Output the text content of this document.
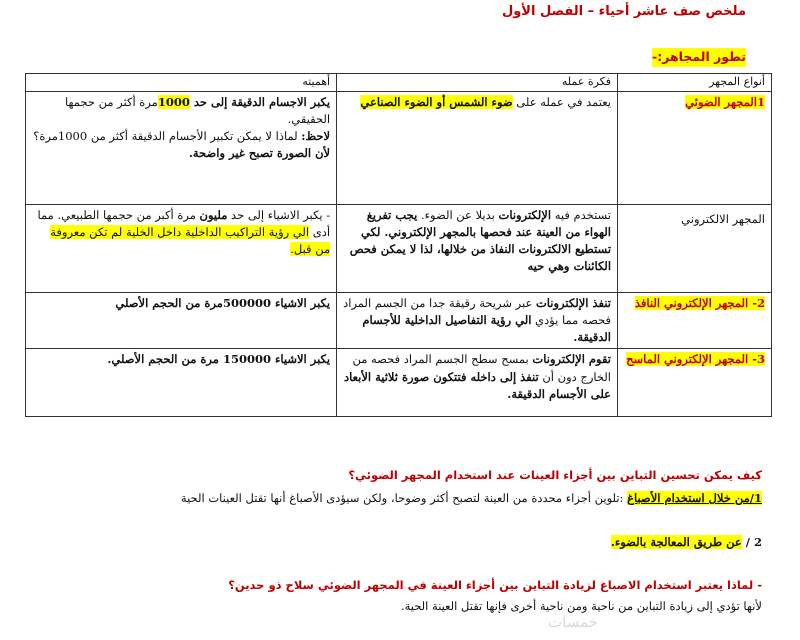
ملخص صف عاشر أحياء – الفصل الأول
تطور المجاهر:-
أنواع المجهر	فكرة عمله	أهميته
1المجهر الضوئي	يعتمد في عمله على ضوء الشمس أو الضوء الصناعي	يكبر الاجسام الدقيقة إلى حد 1000مرة أكثر من حجمها الحقيقي.
لاحظ: لماذا لا يمكن تكبير الأجسام الدقيقة أكثر من 1000مرة؟ لأن الصورة تصبح غير واضحة.

المجهر الالكتروني	تستخدم فيه الإلكترونات بديلا عن الضوء. يجب تفريغ الهواء من العينة عند فحصها بالمجهر الإلكتروني. لكي تستطيع الالكترونات النفاذ من خلالها، لذا لا يمكن فحص الكائنات وهي حيه	- يكبر الاشياء إلى حد مليون مرة أكبر من حجمها الطبيعي. مما أدى الي رؤية التراكيب الداخلية داخل الخلية لم تكن معروفة من قبل.
2- المجهر الإلكتروني النافذ	تنفذ الإلكترونات عبر شريحة رقيقة جدا من الجسم المراد فحصه مما يؤدي الي رؤية التفاصيل الداخلية للأجسام الدقيقة.	يكبر الاشياء 500000مرة من الحجم الأصلي
3- المجهر الإلكتروني الماسح	تقوم الإلكترونات بمسح سطح الجسم المراد فحصه من الخارج دون أن تنفذ إلى داخله فتتكون صورة ثلاثية الأبعاد على الأجسام الدقيقة.	يكبر الاشياء 150000 مرة من الحجم الأصلي.
كيف يمكن تحسين التباين بين أجزاء العينات عند استخدام المجهر الضوئي؟
1/من خلال استخدام الأصباغ :تلوين أجزاء محددة من العينة لتصبح أكثر وضوحا، ولكن سيؤدى الأصباغ أنها تقتل العينات الحية
2 / عن طريق المعالجة بالضوء.
- لماذا يعتبر استخدام الاصباغ لزيادة التباين بين أجزاء العينة في المجهر الضوئي سلاح ذو حدين؟
لأنها تؤدي إلى زيادة التباين من ناحية ومن ناحية أخرى فإنها تقتل العينة الحية.
خمسات
